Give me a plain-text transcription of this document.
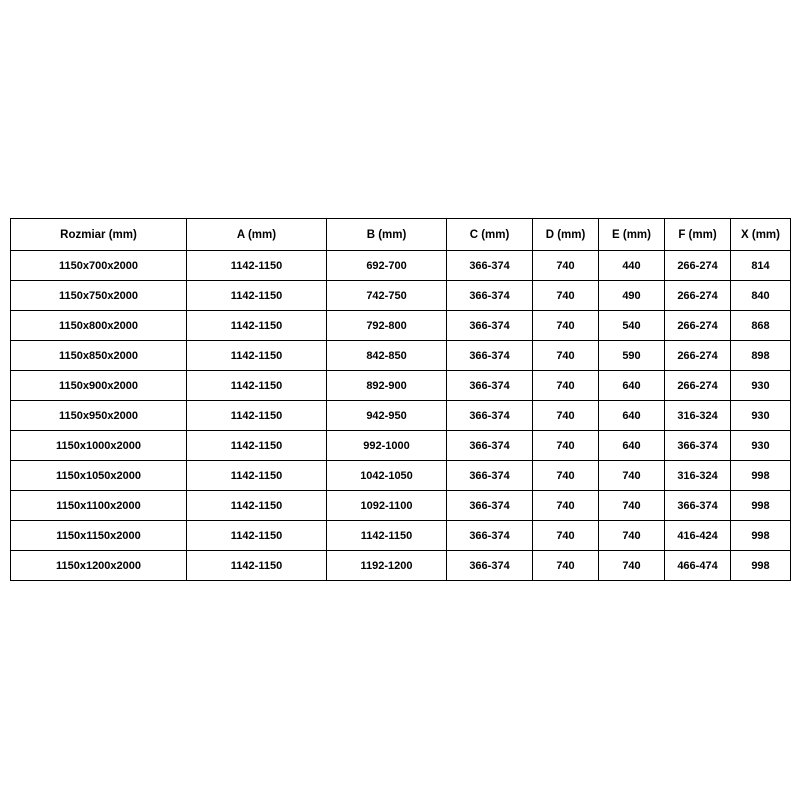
Rozmiar (mm)	A (mm)	B (mm)	C (mm)	D (mm)	E (mm)	F (mm)	X (mm)
1150x700x2000	1142-1150	692-700	366-374	740	440	266-274	814
1150x750x2000	1142-1150	742-750	366-374	740	490	266-274	840
1150x800x2000	1142-1150	792-800	366-374	740	540	266-274	868
1150x850x2000	1142-1150	842-850	366-374	740	590	266-274	898
1150x900x2000	1142-1150	892-900	366-374	740	640	266-274	930
1150x950x2000	1142-1150	942-950	366-374	740	640	316-324	930
1150x1000x2000	1142-1150	992-1000	366-374	740	640	366-374	930
1150x1050x2000	1142-1150	1042-1050	366-374	740	740	316-324	998
1150x1100x2000	1142-1150	1092-1100	366-374	740	740	366-374	998
1150x1150x2000	1142-1150	1142-1150	366-374	740	740	416-424	998
1150x1200x2000	1142-1150	1192-1200	366-374	740	740	466-474	998
